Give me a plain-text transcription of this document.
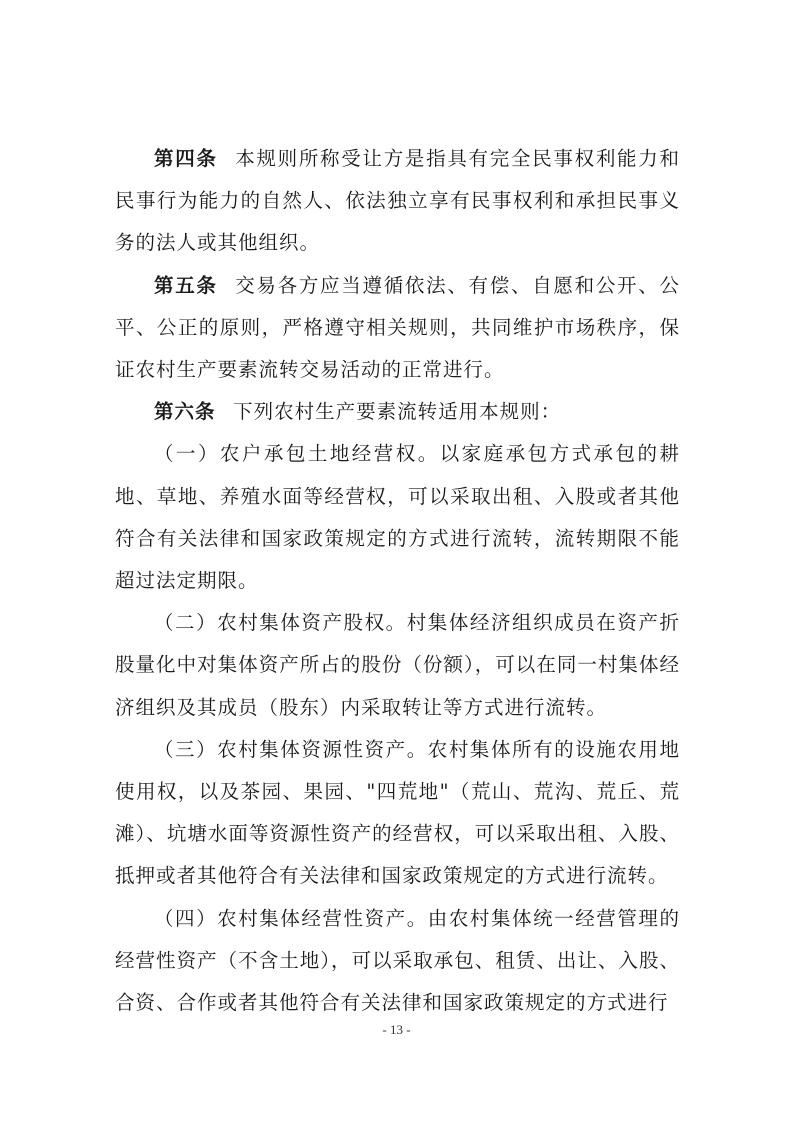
第四条 本规则所称受让方是指具有完全民事权利能力和民事行为能力的自然人、依法独立享有民事权利和承担民事义务的法人或其他组织。

第五条 交易各方应当遵循依法、有偿、自愿和公开、公平、公正的原则，严格遵守相关规则，共同维护市场秩序，保证农村生产要素流转交易活动的正常进行。

第六条 下列农村生产要素流转适用本规则：

（一）农户承包土地经营权。以家庭承包方式承包的耕地、草地、养殖水面等经营权，可以采取出租、入股或者其他符合有关法律和国家政策规定的方式进行流转，流转期限不能超过法定期限。

（二）农村集体资产股权。村集体经济组织成员在资产折股量化中对集体资产所占的股份（份额），可以在同一村集体经济组织及其成员（股东）内采取转让等方式进行流转。

（三）农村集体资源性资产。农村集体所有的设施农用地使用权，以及茶园、果园、"四荒地"（荒山、荒沟、荒丘、荒滩）、坑塘水面等资源性资产的经营权，可以采取出租、入股、抵押或者其他符合有关法律和国家政策规定的方式进行流转。

（四）农村集体经营性资产。由农村集体统一经营管理的经营性资产（不含土地），可以采取承包、租赁、出让、入股、合资、合作或者其他符合有关法律和国家政策规定的方式进行

- 13 -
